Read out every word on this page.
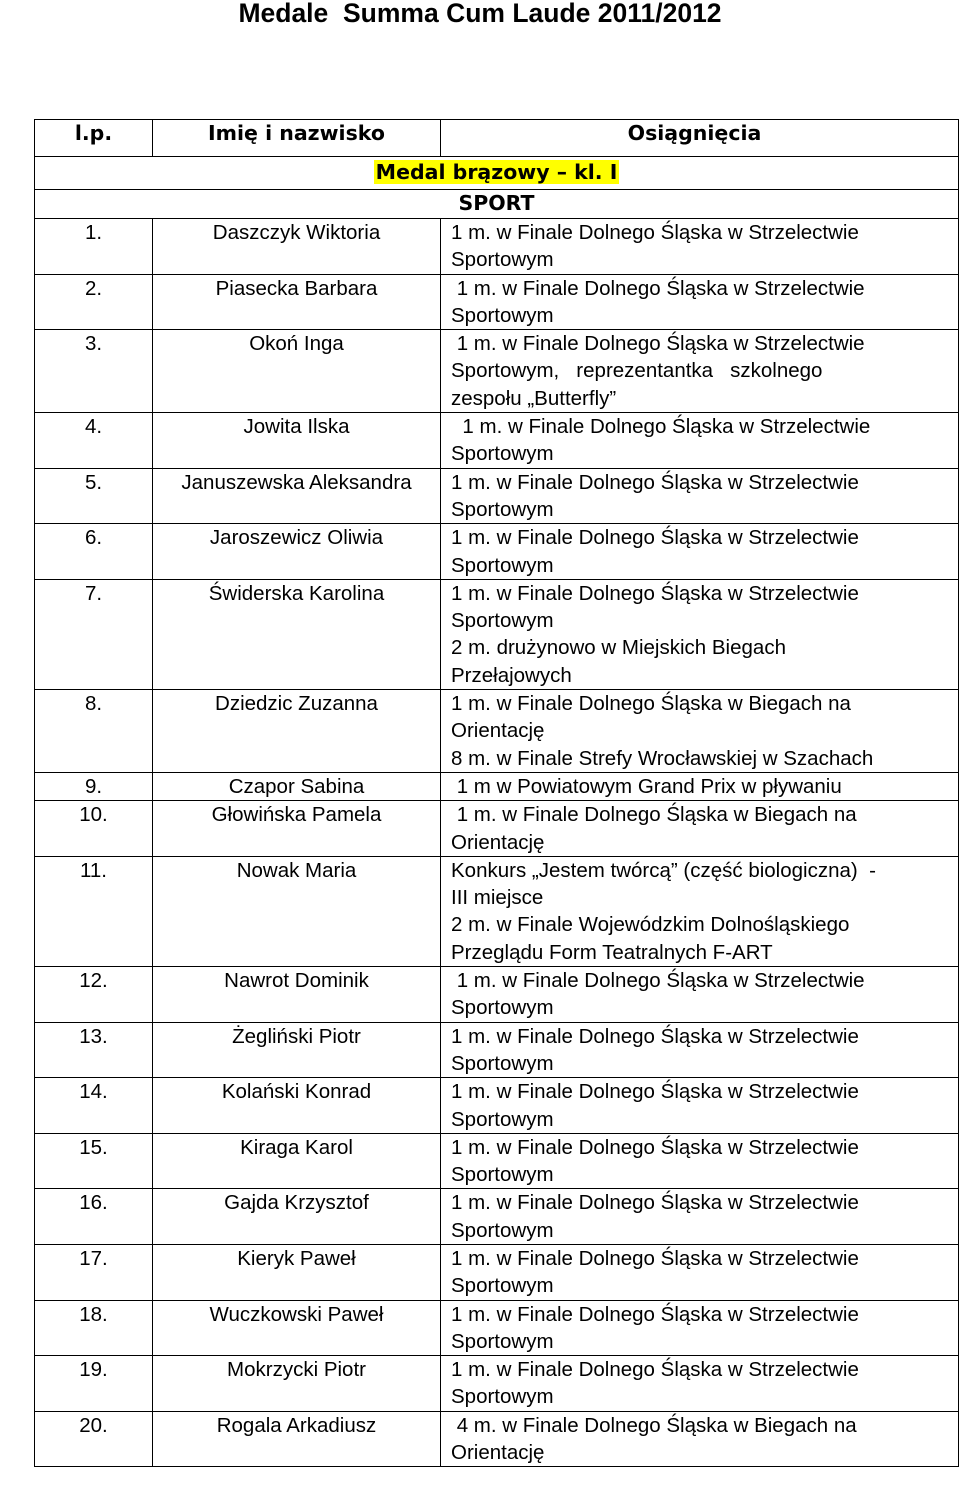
Medale  Summa Cum Laude 2011/2012
l.p.	Imię i nazwisko	Osiągnięcia
Medal brązowy – kl. I		
SPORT		
1.	Daszczyk Wiktoria	1 m. w Finale Dolnego Śląska w Strzelectwie
Sportowym

2.	Piasecka Barbara	1 m. w Finale Dolnego Śląska w Strzelectwie
Sportowym

3.	Okoń Inga	1 m. w Finale Dolnego Śląska w Strzelectwie
Sportowym,   reprezentantka   szkolnego
zespołu „Butterfly”

4.	Jowita Ilska	1 m. w Finale Dolnego Śląska w Strzelectwie
Sportowym

5.	Januszewska Aleksandra	1 m. w Finale Dolnego Śląska w Strzelectwie
Sportowym

6.	Jaroszewicz Oliwia	1 m. w Finale Dolnego Śląska w Strzelectwie
Sportowym

7.	Świderska Karolina	1 m. w Finale Dolnego Śląska w Strzelectwie
Sportowym
2 m. drużynowo w Miejskich Biegach
Przełajowych

8.	Dziedzic Zuzanna	1 m. w Finale Dolnego Śląska w Biegach na
Orientację
8 m. w Finale Strefy Wrocławskiej w Szachach

9.	Czapor Sabina	1 m w Powiatowym Grand Prix w pływaniu

10.	Głowińska Pamela	1 m. w Finale Dolnego Śląska w Biegach na
Orientację

11.	Nowak Maria	Konkurs „Jestem twórcą” (część biologiczna)  -
III miejsce
2 m. w Finale Wojewódzkim Dolnośląskiego
Przeglądu Form Teatralnych F-ART

12.	Nawrot Dominik	1 m. w Finale Dolnego Śląska w Strzelectwie
Sportowym

13.	Żegliński Piotr	1 m. w Finale Dolnego Śląska w Strzelectwie
Sportowym

14.	Kolański Konrad	1 m. w Finale Dolnego Śląska w Strzelectwie
Sportowym

15.	Kiraga Karol	1 m. w Finale Dolnego Śląska w Strzelectwie
Sportowym

16.	Gajda Krzysztof	1 m. w Finale Dolnego Śląska w Strzelectwie
Sportowym

17.	Kieryk Paweł	1 m. w Finale Dolnego Śląska w Strzelectwie
Sportowym

18.	Wuczkowski Paweł	1 m. w Finale Dolnego Śląska w Strzelectwie
Sportowym

19.	Mokrzycki Piotr	1 m. w Finale Dolnego Śląska w Strzelectwie
Sportowym

20.	Rogala Arkadiusz	4 m. w Finale Dolnego Śląska w Biegach na
Orientację
